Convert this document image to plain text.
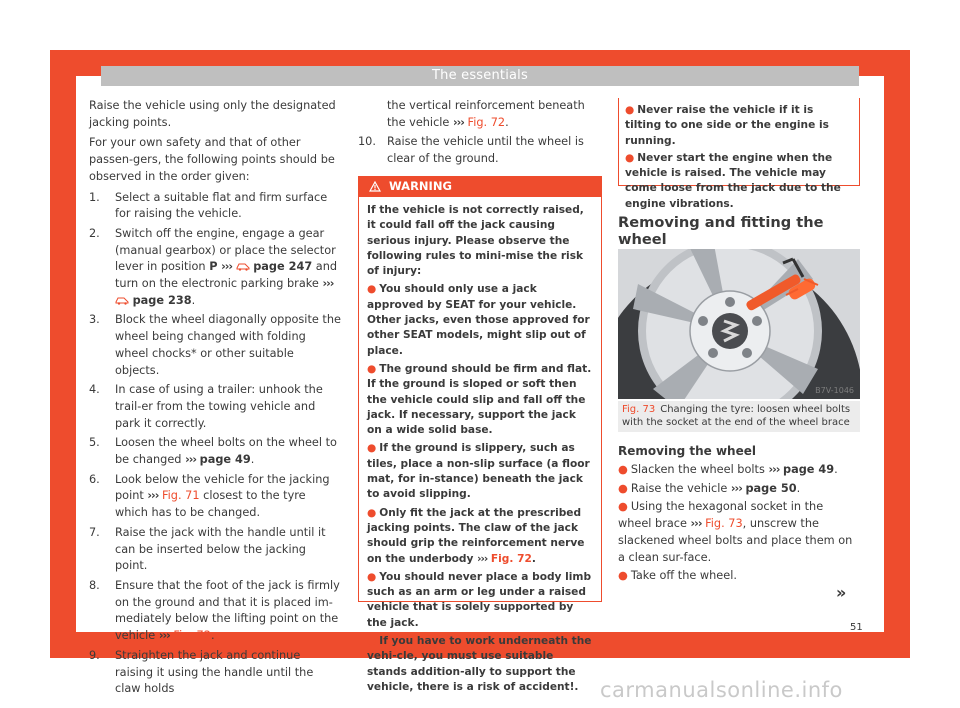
The essentials

Raise the vehicle using only the designated jacking points.

For your own safety and that of other passen-gers, the following points should be observed in the order given:

1.	Select a suitable flat and firm surface for raising the vehicle.
2.	Switch off the engine, engage a gear (manual gearbox) or place the selector lever in position P ››› page 247 and turn on the electronic parking brake ›››  page 238.
3.	Block the wheel diagonally opposite the wheel being changed with folding wheel chocks* or other suitable objects.
4.	In case of using a trailer: unhook the trail-er from the towing vehicle and park it correctly.
5.	Loosen the wheel bolts on the wheel to be changed ››› page 49.
6.	Look below the vehicle for the jacking point ››› Fig. 71 closest to the tyre which has to be changed.
7.	Raise the jack with the handle until it can be inserted below the jacking point.
8.	Ensure that the foot of the jack is firmly on the ground and that it is placed im-mediately below the lifting point on the vehicle ››› Fig. 72.
9.	Straighten the jack and continue raising it using the handle until the claw holds
the vertical reinforcement beneath the vehicle ››› Fig. 72.
10. Raise the vehicle until the wheel is clear of the ground.
WARNING

If the vehicle is not correctly raised, it could fall off the jack causing serious injury. Please observe the following rules to mini-mise the risk of injury:

● You should only use a jack approved by SEAT for your vehicle. Other jacks, even those approved for other SEAT models, might slip out of place.

● The ground should be firm and flat. If the ground is sloped or soft then the vehicle could slip and fall off the jack. If necessary, support the jack on a wide solid base.

● If the ground is slippery, such as tiles, place a non-slip surface (a floor mat, for in-stance) beneath the jack to avoid slipping.

● Only fit the jack at the prescribed jacking points. The claw of the jack should grip the reinforcement nerve on the underbody ››› Fig. 72.

● You should never place a body limb such as an arm or leg under a raised vehicle that is solely supported by the jack.

● If you have to work underneath the vehi-cle, you must use suitable stands addition-ally to support the vehicle, there is a risk of accident!.

● Never raise the vehicle if it is tilting to one side or the engine is running.

● Never start the engine when the vehicle is raised. The vehicle may come loose from the jack due to the engine vibrations.

Removing and fitting the wheel
B7V-1046
Fig. 73 Changing the tyre: loosen wheel bolts with the socket at the end of the wheel brace
Removing the wheel

● Slacken the wheel bolts ››› page 49.

● Raise the vehicle ››› page 50.

● Using the hexagonal socket in the wheel brace ››› Fig. 73, unscrew the slackened wheel bolts and place them on a clean sur-face.

● Take off the wheel.

»
51
carmanualsonline.info
